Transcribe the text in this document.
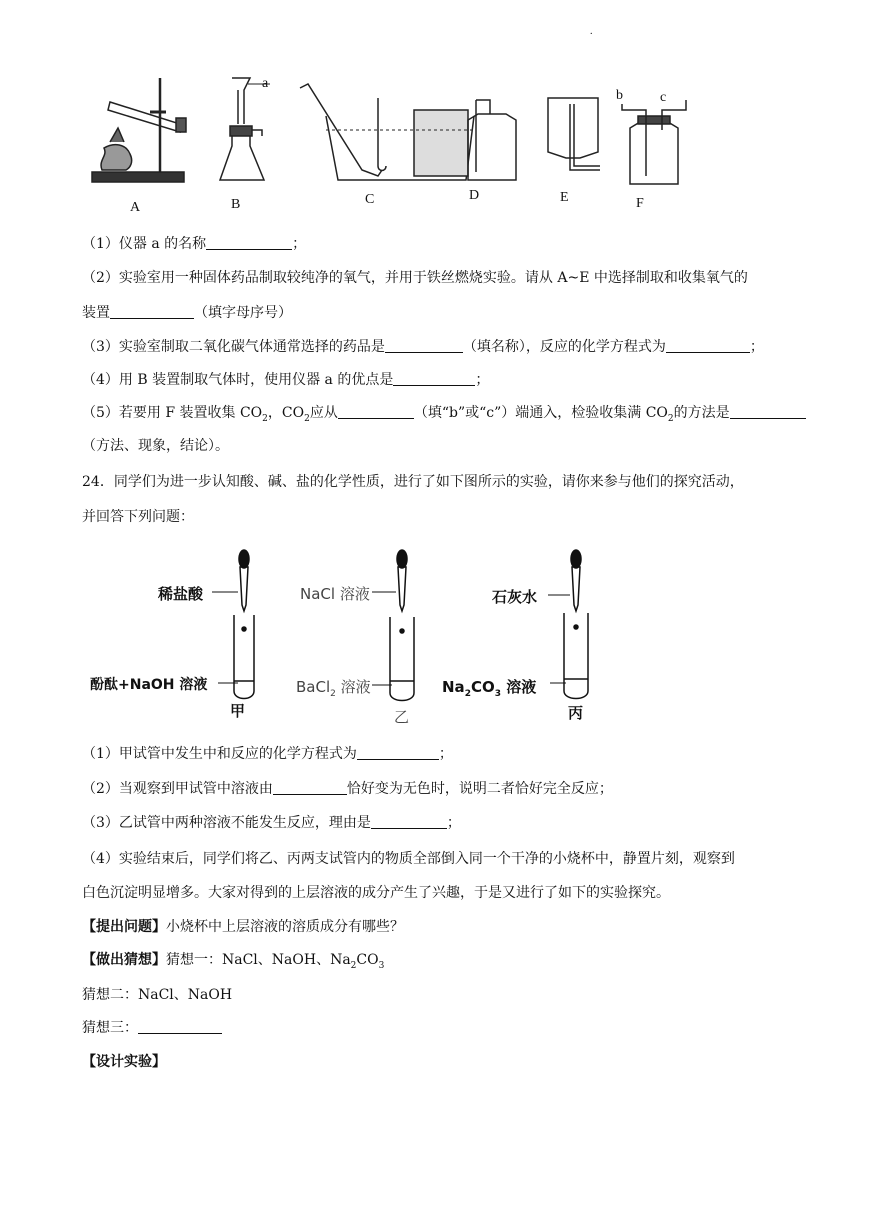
.
A	B	C	D	E	F
a
b	c
（1）仪器 a 的名称	；
（2）实验室用一种固体药品制取较纯净的氧气，并用于铁丝燃烧实验。请从 A~E 中选择制取和收集氧气的
装置	（填字母序号）
（3）实验室制取二氧化碳气体通常选择的药品是	（填名称），反应的化学方程式为	；
（4）用 B 装置制取气体时，使用仪器 a 的优点是	；
（5）若要用 F 装置收集 $CO_2$，$CO_2$应从	（填“b”或“c”）端通入，检验收集满 $CO_2$的方法是
（方法、现象，结论）。
24．同学们为进一步认知酸、碱、盐的化学性质，进行了如下图所示的实验，请你来参与他们的探究活动，
并回答下列问题：
稀盐酸
酚酞+NaOH 溶液
甲
NaCl 溶液
BaCl$_2$ 溶液
乙
石灰水
$Na_2CO_3$ 溶液
丙
（1）甲试管中发生中和反应的化学方程式为	；
（2）当观察到甲试管中溶液由	恰好变为无色时，说明二者恰好完全反应；
（3）乙试管中两种溶液不能发生反应，理由是	；
（4）实验结束后，同学们将乙、丙两支试管内的物质全部倒入同一个干净的小烧杯中，静置片刻，观察到
白色沉淀明显增多。大家对得到的上层溶液的成分产生了兴趣，于是又进行了如下的实验探究。
【提出问题】小烧杯中上层溶液的溶质成分有哪些？
【做出猜想】猜想一：NaCl、NaOH、$Na_2CO_3$
猜想二：NaCl、NaOH
猜想三：
【设计实验】
